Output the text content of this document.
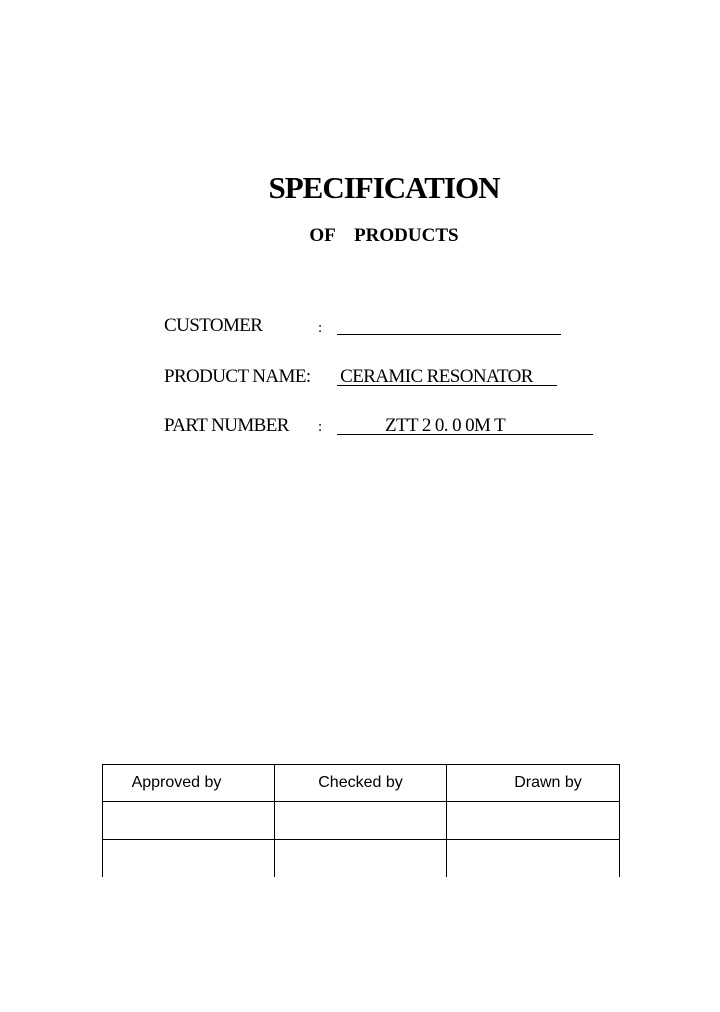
SPECIFICATION
OF    PRODUCTS
CUSTOMER	:
PRODUCT NAME: CERAMIC RESONATOR
PART NUMBER :	ZTT 2 0. 0 0M T
Approved by	Checked by	Drawn by
